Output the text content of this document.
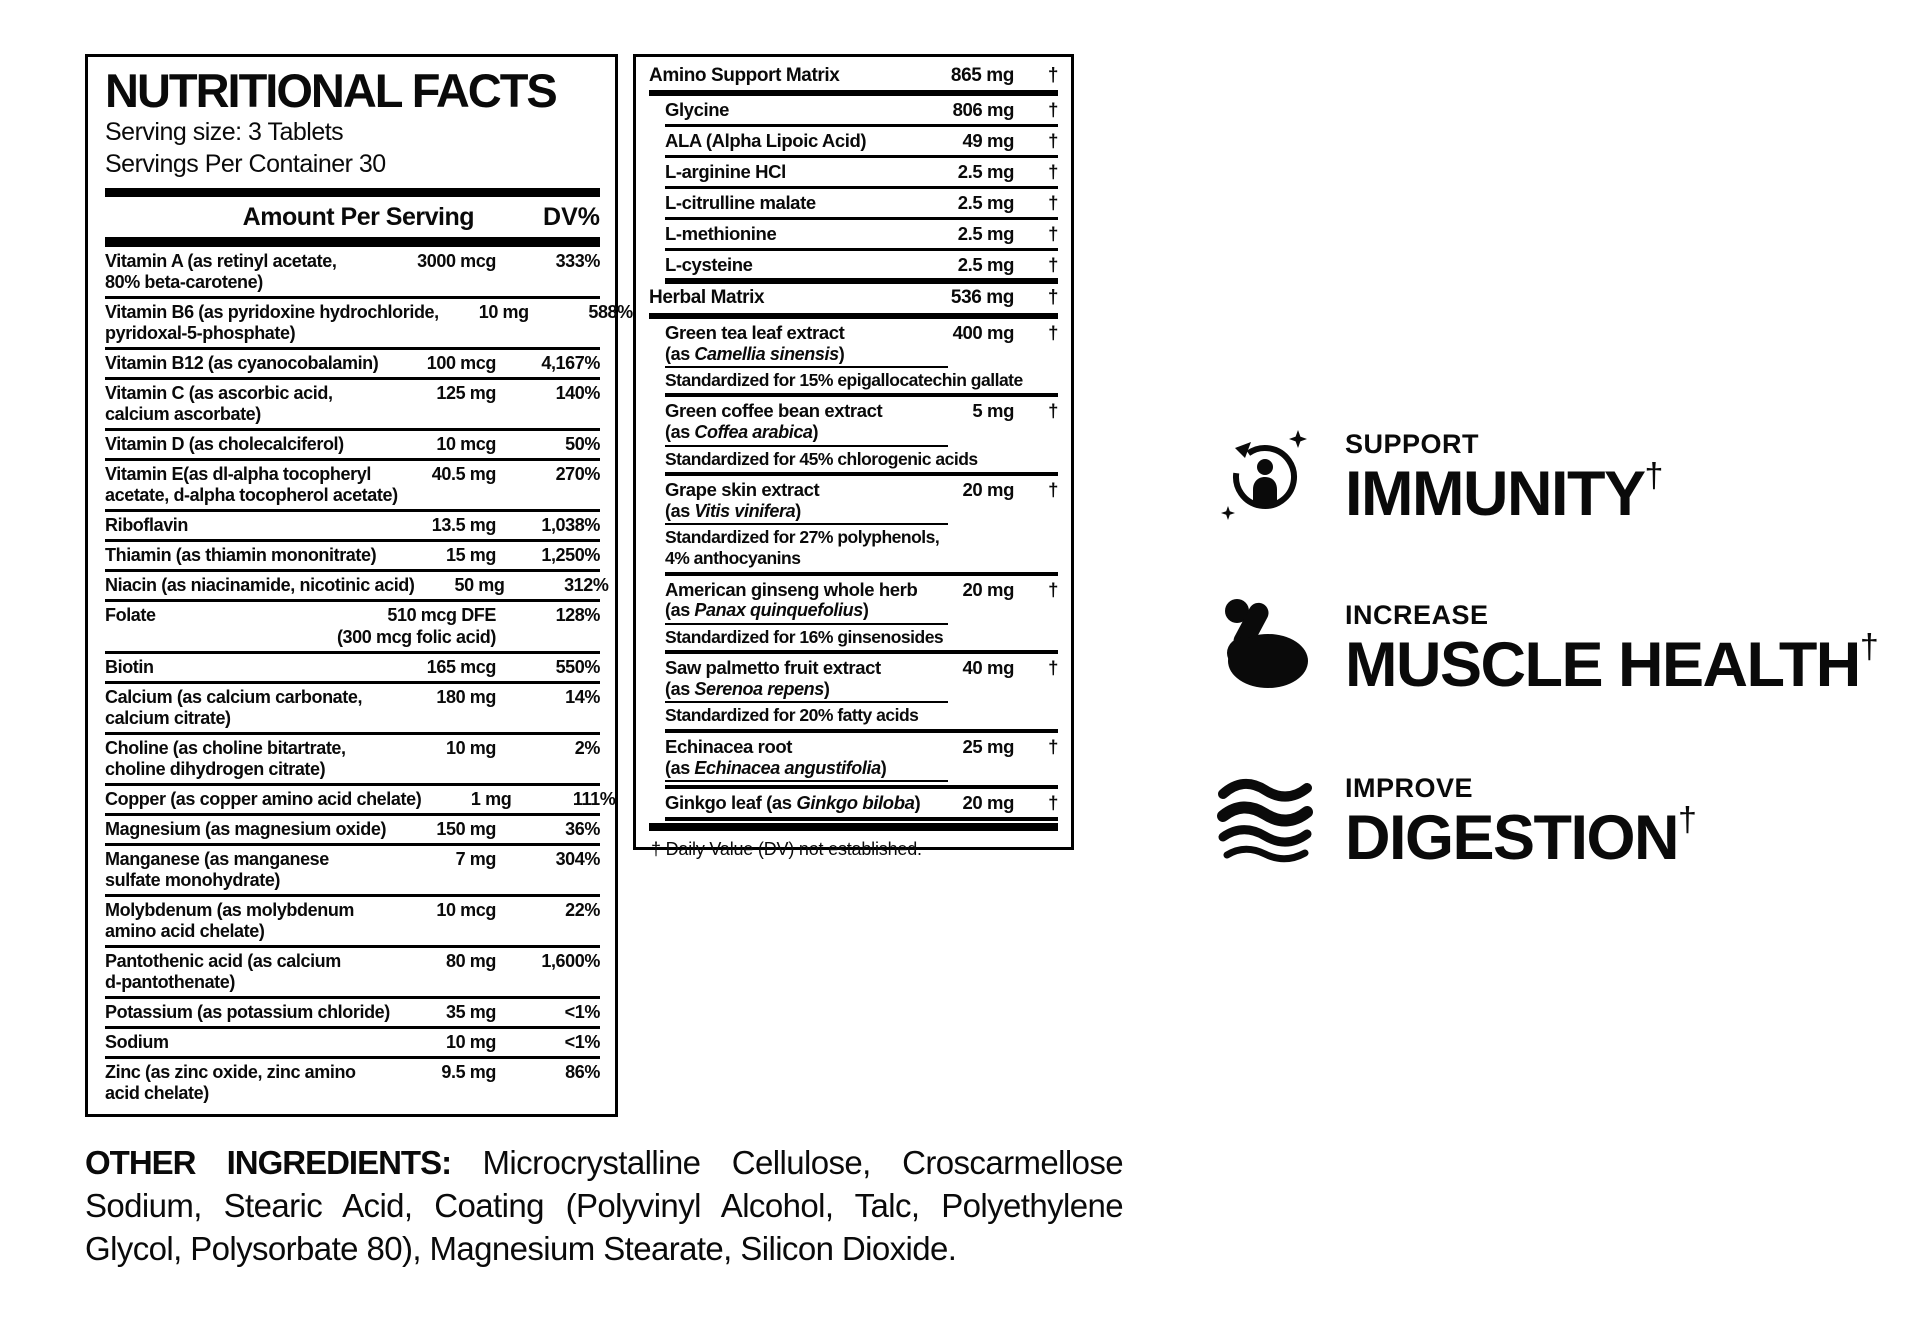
NUTRITIONAL FACTS
Serving size: 3 Tablets
Servings Per Container 30
Amount Per Serving	DV%
Vitamin A (as retinyl acetate,
80% beta-carotene)
3000 mcg	333%
Vitamin B6 (as pyridoxine hydrochloride,
pyridoxal-5-phosphate)
10 mg	588%
Vitamin B12 (as cyanocobalamin)	100 mcg	4,167%
Vitamin C (as ascorbic acid,
calcium ascorbate)
125 mg	140%
Vitamin D (as cholecalciferol)	10 mcg	50%
Vitamin E(as dl-alpha tocopheryl
acetate, d-alpha tocopherol acetate)
40.5 mg	270%
Riboflavin	13.5 mg	1,038%
Thiamin (as thiamin mononitrate)	15 mg	1,250%
Niacin (as niacinamide, nicotinic acid)	50 mg	312%
Folate	510 mcg DFE
(300 mcg folic acid)
128%
Biotin	165 mcg	550%
Calcium (as calcium carbonate,
calcium citrate)
180 mg	14%
Choline (as choline bitartrate,
choline dihydrogen citrate)
10 mg	2%
Copper (as copper amino acid chelate)	1 mg	111%
Magnesium (as magnesium oxide)	150 mg	36%
Manganese (as manganese
sulfate monohydrate)
7 mg	304%
Molybdenum (as molybdenum
amino acid chelate)
10 mcg	22%
Pantothenic acid (as calcium
d-pantothenate)
80 mg	1,600%
Potassium (as potassium chloride)	35 mg	<1%
Sodium	10 mg	<1%
Zinc (as zinc oxide, zinc amino
acid chelate)
9.5 mg	86%
Amino Support Matrix	865 mg	†
Glycine	806 mg	†
ALA (Alpha Lipoic Acid)	49 mg	†
L-arginine HCl	2.5 mg	†
L-citrulline malate	2.5 mg	†
L-methionine	2.5 mg	†
L-cysteine	2.5 mg	†
Herbal Matrix	536 mg	†
Green tea leaf extract	400 mg	†
(as Camellia sinensis)
Standardized for 15% epigallocatechin gallate
Green coffee bean extract	5 mg	†
(as Coffea arabica)
Standardized for 45% chlorogenic acids
Grape skin extract	20 mg	†
(as Vitis vinifera)
Standardized for 27% polyphenols,
4% anthocyanins
American ginseng whole herb	20 mg	†
(as Panax quinquefolius)
Standardized for 16% ginsenosides
Saw palmetto fruit extract	40 mg	†
(as Serenoa repens)
Standardized for 20% fatty acids
Echinacea root	25 mg	†
(as Echinacea angustifolia)
Ginkgo leaf (as Ginkgo biloba)	20 mg	†
† Daily Value (DV) not established.
SUPPORT
IMMUNITY†
INCREASE
MUSCLE HEALTH†
IMPROVE
DIGESTION†

OTHER INGREDIENTS: Microcrystalline Cellulose, Croscarmellose Sodium, Stearic Acid, Coating (Polyvinyl Alcohol, Talc, Polyethylene Glycol, Polysorbate 80), Magnesium Stearate, Silicon Dioxide.
